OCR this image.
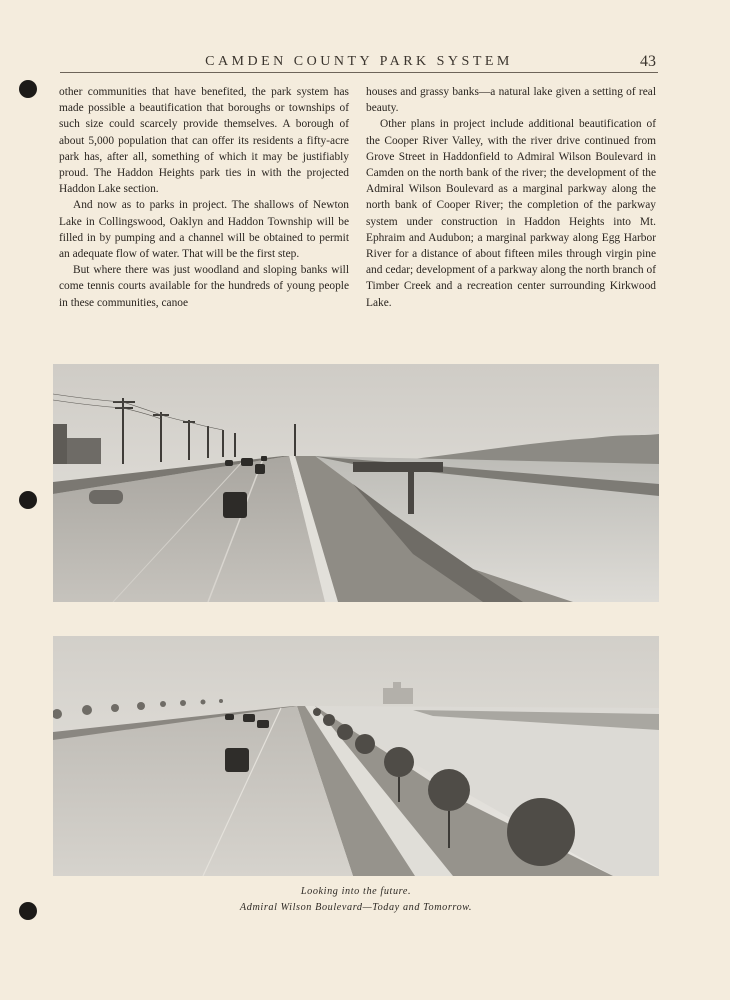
CAMDEN COUNTY PARK SYSTEM	43

other communities that have benefited, the park system has made possible a beautification that boroughs or townships of such size could scarcely provide themselves. A borough of about 5,000 population that can offer its residents a fifty-acre park has, after all, something of which it may be justifiably proud. The Haddon Heights park ties in with the projected Haddon Lake section.

And now as to parks in project. The shallows of Newton Lake in Collingswood, Oaklyn and Haddon Township will be filled in by pumping and a channel will be obtained to permit an adequate flow of water. That will be the first step.

But where there was just woodland and sloping banks will come tennis courts available for the hundreds of young people in these communities, canoe

houses and grassy banks—a natural lake given a setting of real beauty.

Other plans in project include additional beautification of the Cooper River Valley, with the river drive continued from Grove Street in Haddonfield to Admiral Wilson Boulevard in Camden on the north bank of the river; the development of the Admiral Wilson Boulevard as a marginal parkway along the north bank of Cooper River; the completion of the parkway system under construction in Haddon Heights into Mt. Ephraim and Audubon; a marginal parkway along Egg Harbor River for a distance of about fifteen miles through virgin pine and cedar; development of a parkway along the north branch of Timber Creek and a recreation center surrounding Kirkwood Lake.

Looking into the future.
Admiral Wilson Boulevard—Today and Tomorrow.
